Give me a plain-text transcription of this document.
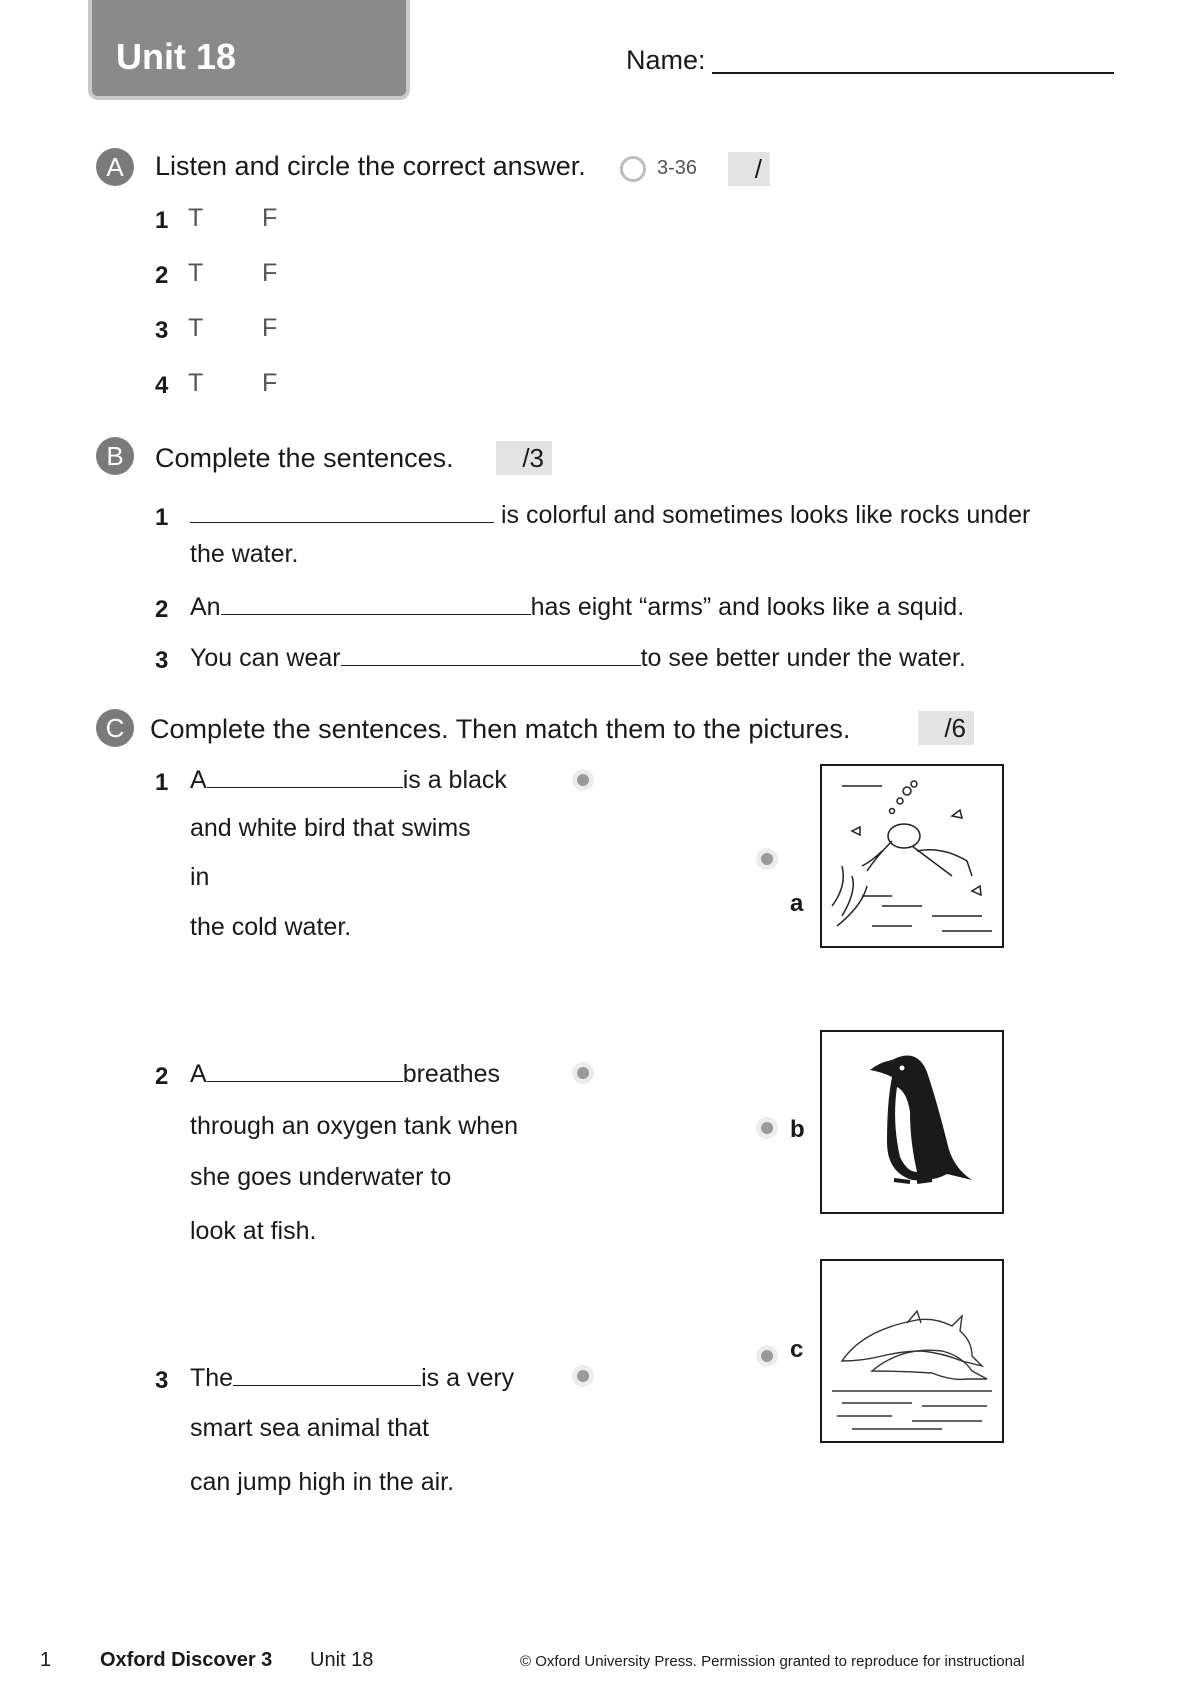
Unit 18	Name:
A	Listen and circle the correct answer.	3-36	/
1 T F
2 T F
3 T F
4 T F
B	Complete the sentences.	/3
1	is colorful and sometimes looks like rocks under
the water.
2 An	has eight “arms” and looks like a squid.
3 You can wear	to see better under the water.
C Complete the sentences. Then match them to the pictures.	/6
1 A	is a black
and white bird that swims
in
the cold water.
2 A	breathes
through an oxygen tank when
she goes underwater to
look at fish.
3 The	is a very
smart sea animal that
can jump high in the air.
a
b
c
1 Oxford Discover 3 Unit 18	© Oxford University Press. Permission granted to reproduce for instructional
